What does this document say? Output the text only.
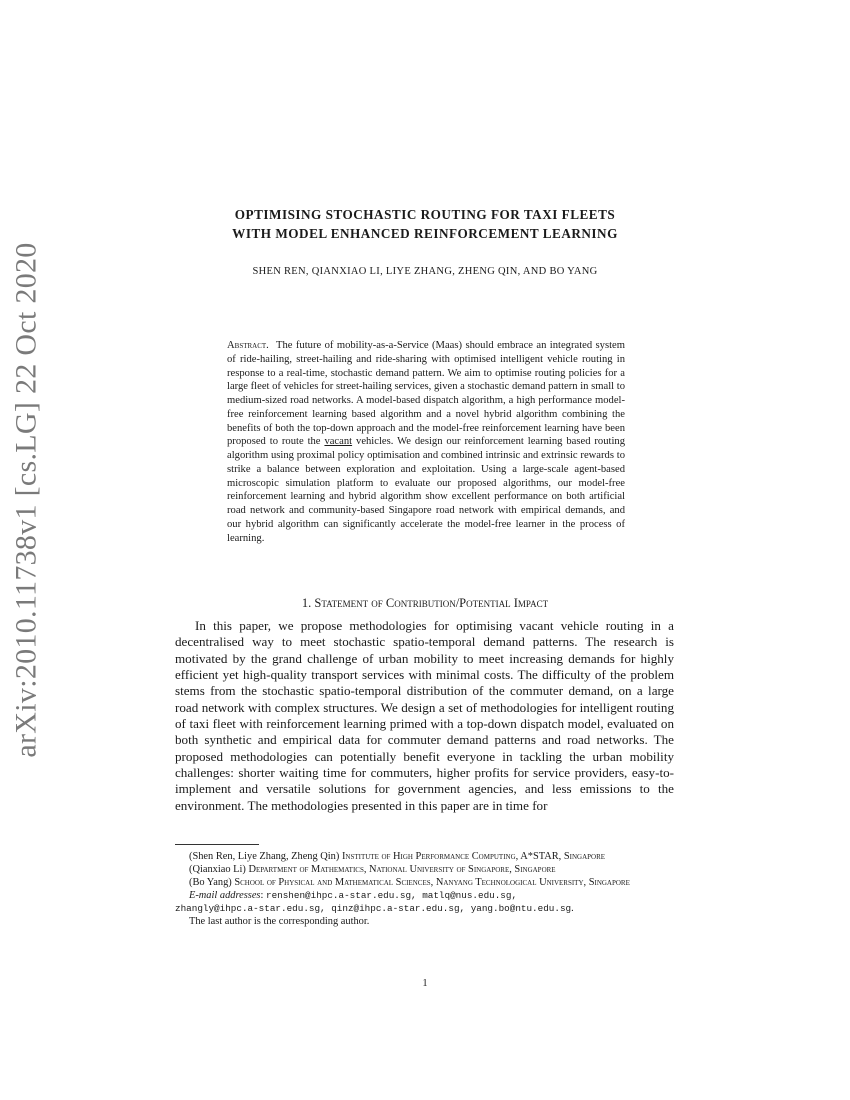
arXiv:2010.11738v1 [cs.LG] 22 Oct 2020
OPTIMISING STOCHASTIC ROUTING FOR TAXI FLEETS
WITH MODEL ENHANCED REINFORCEMENT LEARNING
SHEN REN, QIANXIAO LI, LIYE ZHANG, ZHENG QIN, AND BO YANG
Abstract. The future of mobility-as-a-Service (Maas) should embrace an integrated system of ride-hailing, street-hailing and ride-sharing with optimised intelligent vehicle routing in response to a real-time, stochastic demand pattern. We aim to optimise routing policies for a large fleet of vehicles for street-hailing services, given a stochastic demand pattern in small to medium-sized road networks. A model-based dispatch algorithm, a high performance model-free reinforcement learning based algorithm and a novel hybrid algorithm combining the benefits of both the top-down approach and the model-free reinforcement learning have been proposed to route the vacant vehicles. We design our reinforcement learning based routing algorithm using proximal policy optimisation and combined intrinsic and extrinsic rewards to strike a balance between exploration and exploitation. Using a large-scale agent-based microscopic simulation platform to evaluate our proposed algorithms, our model-free reinforcement learning and hybrid algorithm show excellent performance on both artificial road network and community-based Singapore road network with empirical demands, and our hybrid algorithm can significantly accelerate the model-free learner in the process of learning.
1. Statement of Contribution/Potential Impact
In this paper, we propose methodologies for optimising vacant vehicle routing in a decentralised way to meet stochastic spatio-temporal demand patterns. The research is motivated by the grand challenge of urban mobility to meet increasing demands for highly efficient yet high-quality transport services with minimal costs. The difficulty of the problem stems from the stochastic spatio-temporal distribution of the commuter demand, on a large road network with complex structures. We design a set of methodologies for intelligent routing of taxi fleet with reinforcement learning primed with a top-down dispatch model, evaluated on both synthetic and empirical data for commuter demand patterns and road networks. The proposed methodologies can potentially benefit everyone in tackling the urban mobility challenges: shorter waiting time for commuters, higher profits for service providers, easy-to-implement and versatile solutions for government agencies, and less emissions to the environment. The methodologies presented in this paper are in time for

(Shen Ren, Liye Zhang, Zheng Qin) Institute of High Performance Computing, A*STAR, Singapore

(Qianxiao Li) Department of Mathematics, National University of Singapore, Singapore

(Bo Yang) School of Physical and Mathematical Sciences, Nanyang Technological University, Singapore

E-mail addresses: renshen@ihpc.a-star.edu.sg, matlq@nus.edu.sg,

zhangly@ihpc.a-star.edu.sg, qinz@ihpc.a-star.edu.sg, yang.bo@ntu.edu.sg.

The last author is the corresponding author.

1
